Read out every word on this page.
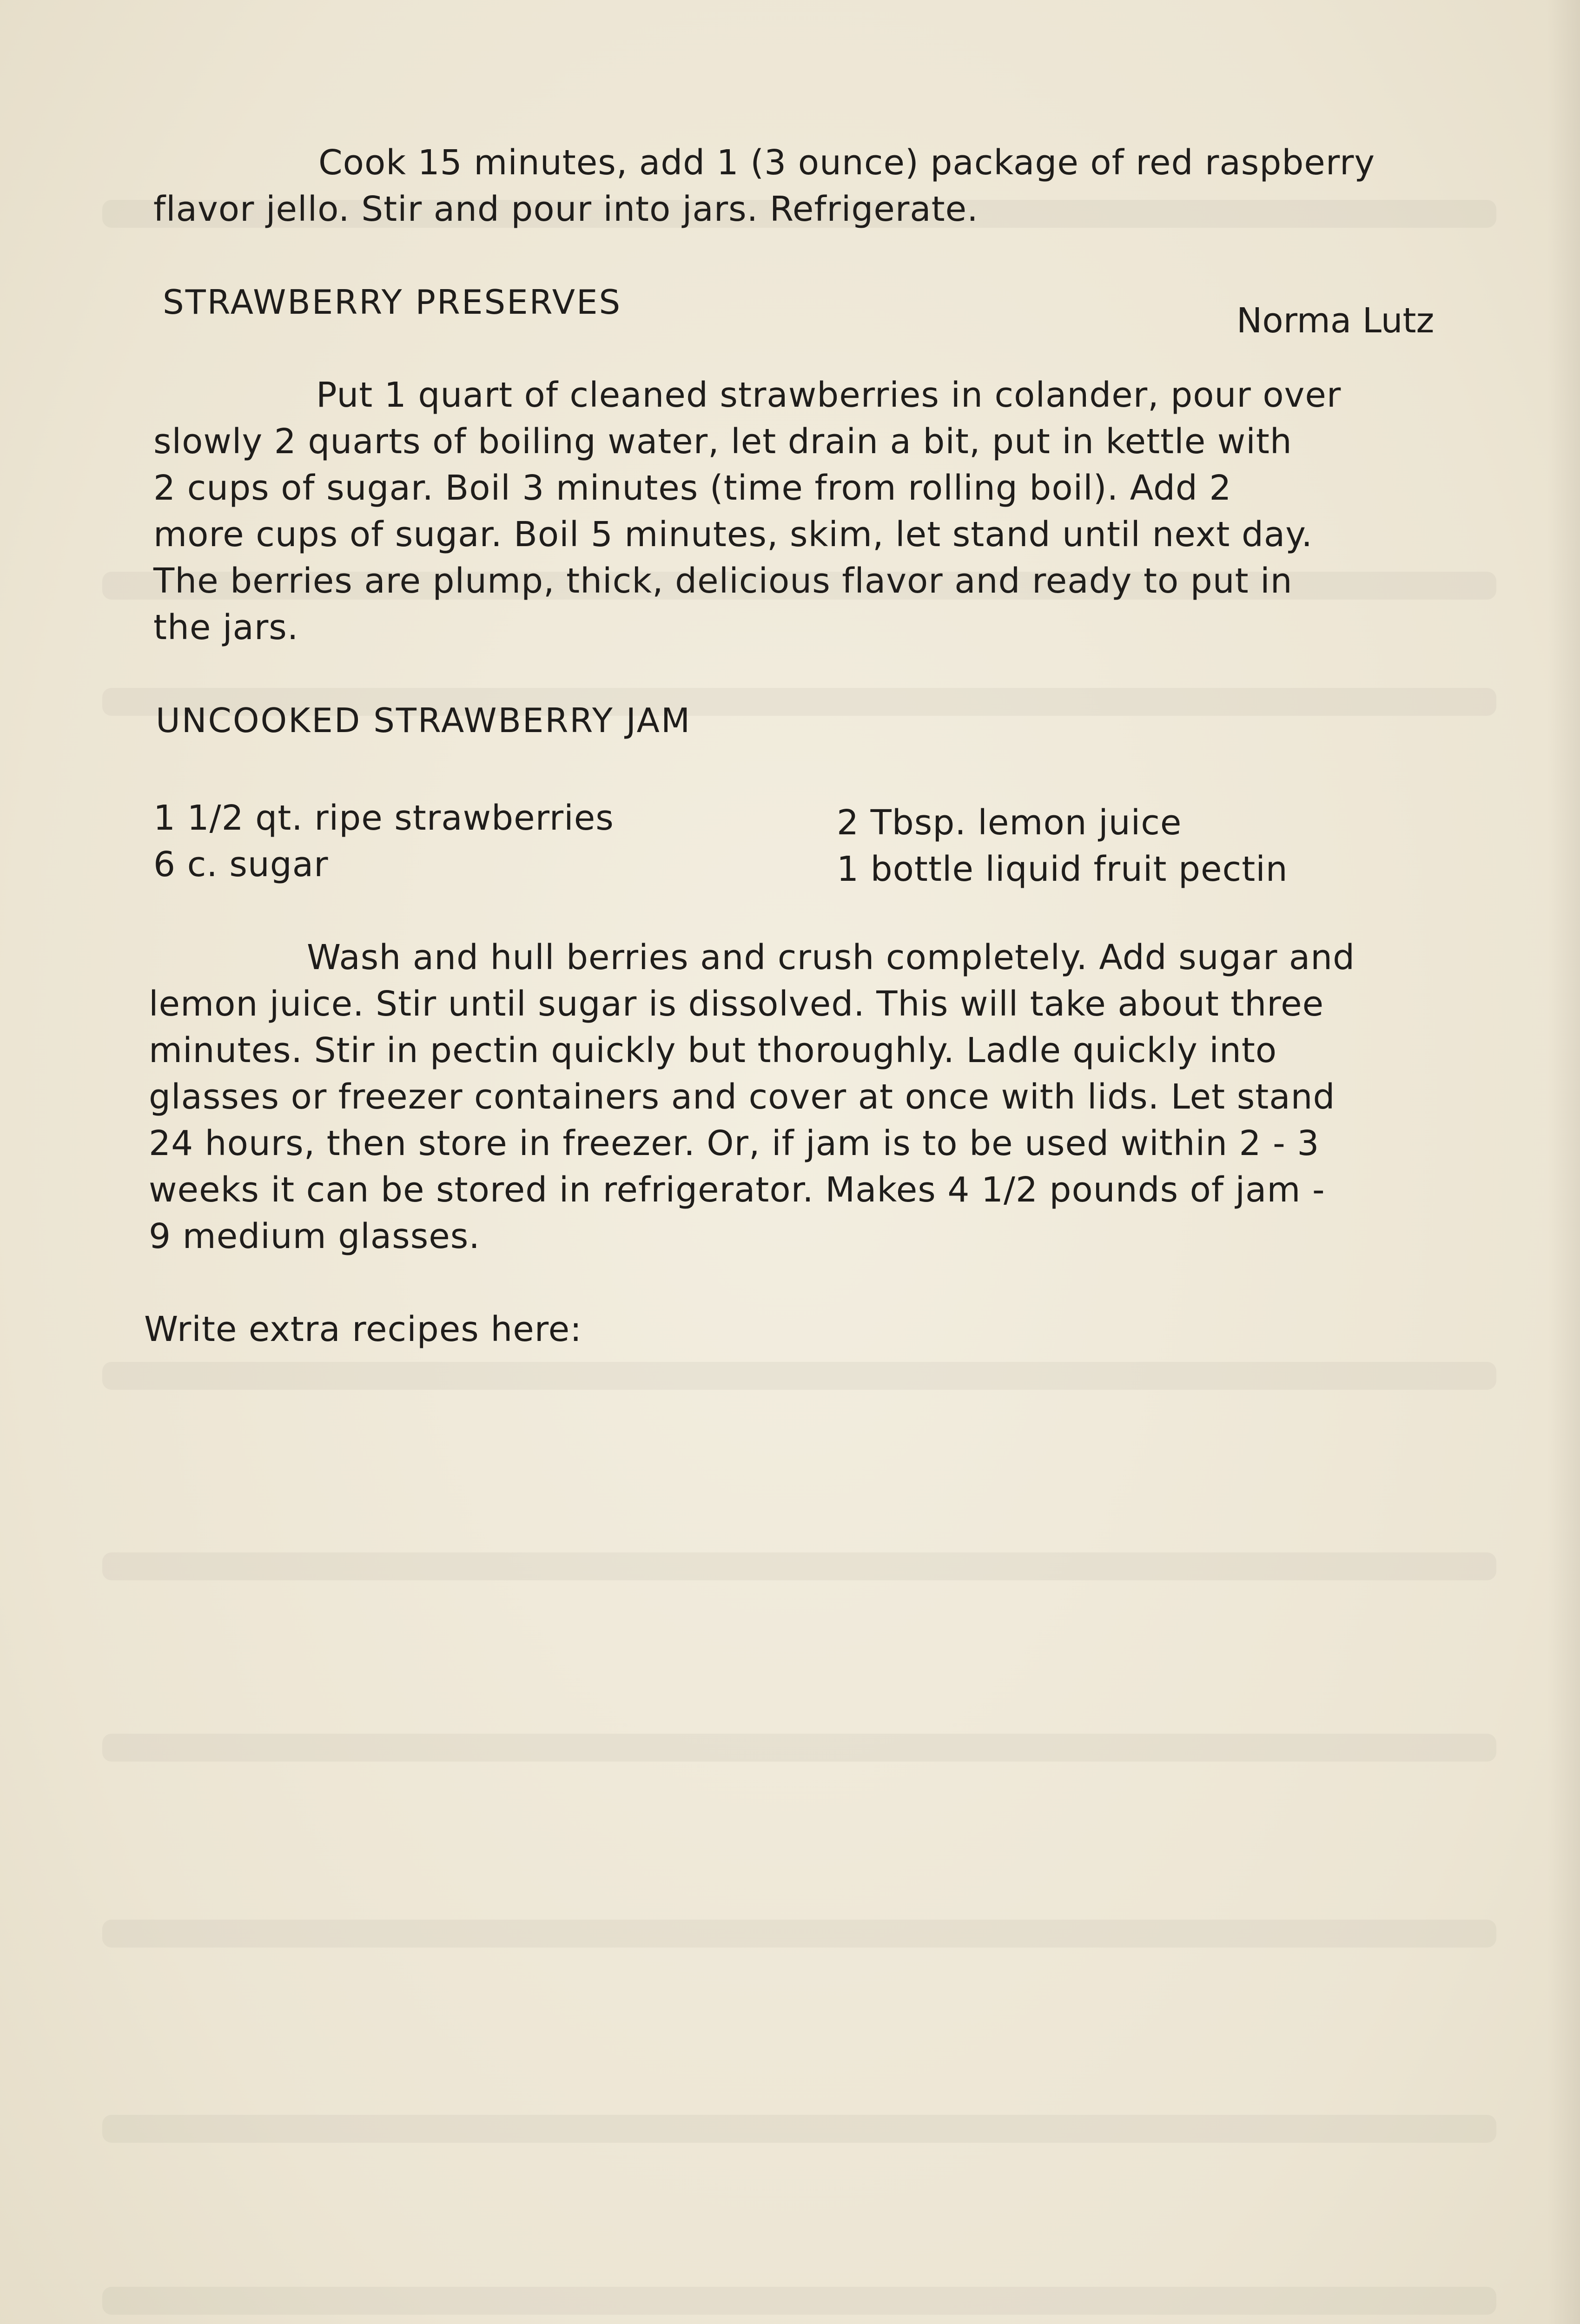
Cook 15 minutes, add 1 (3 ounce) package of red raspberry

flavor jello. Stir and pour into jars. Refrigerate.

STRAWBERRY PRESERVES	Norma Lutz

Put 1 quart of cleaned strawberries in colander, pour over

slowly 2 quarts of boiling water, let drain a bit, put in kettle with

2 cups of sugar. Boil 3 minutes (time from rolling boil). Add 2

more cups of sugar. Boil 5 minutes, skim, let stand until next day.

The berries are plump, thick, delicious flavor and ready to put in

the jars.

UNCOOKED STRAWBERRY JAM

1 1/2 qt. ripe strawberries

6 c. sugar

2 Tbsp. lemon juice

1 bottle liquid fruit pectin

Wash and hull berries and crush completely. Add sugar and

lemon juice. Stir until sugar is dissolved. This will take about three

minutes. Stir in pectin quickly but thoroughly. Ladle quickly into

glasses or freezer containers and cover at once with lids. Let stand

24 hours, then store in freezer. Or, if jam is to be used within 2 - 3

weeks it can be stored in refrigerator. Makes 4 1/2 pounds of jam -

9 medium glasses.

Write extra recipes here:
